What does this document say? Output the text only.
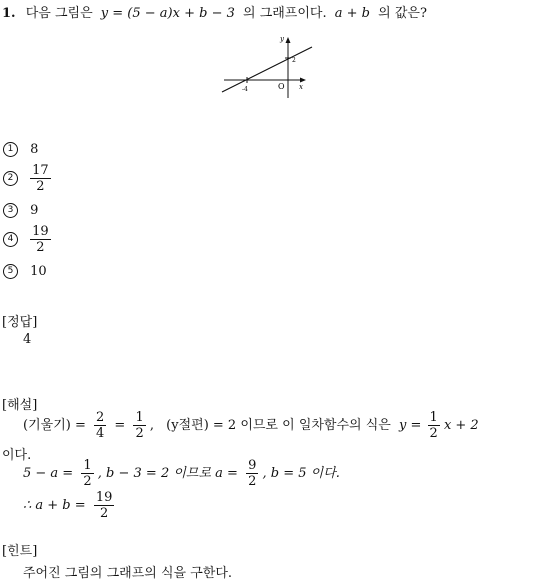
1. 다음 그림은 y = (5 − a)x + b − 3 의 그래프이다. a + b 의 값은?
y
x
O
-4
2
1 8
$2 \frac{17}{2}$
3 9
$4 \frac{19}{2}$
5 10
[정답]
4
[해설]
(기울기) = $\frac{2}{4} = \frac{1}{2}$ , (y절편) = 2 이므로 이 일차함수의 식은 $y = \frac{1}{2}$ x + 2
이다.
$5 - a = \frac{1}{2}$ , b − 3 = 2 이므로 $a = \frac{9}{2}$ , b = 5 이다.
∴ $a + b = \frac{19}{2}$
[힌트]
주어진 그림의 그래프의 식을 구한다.
